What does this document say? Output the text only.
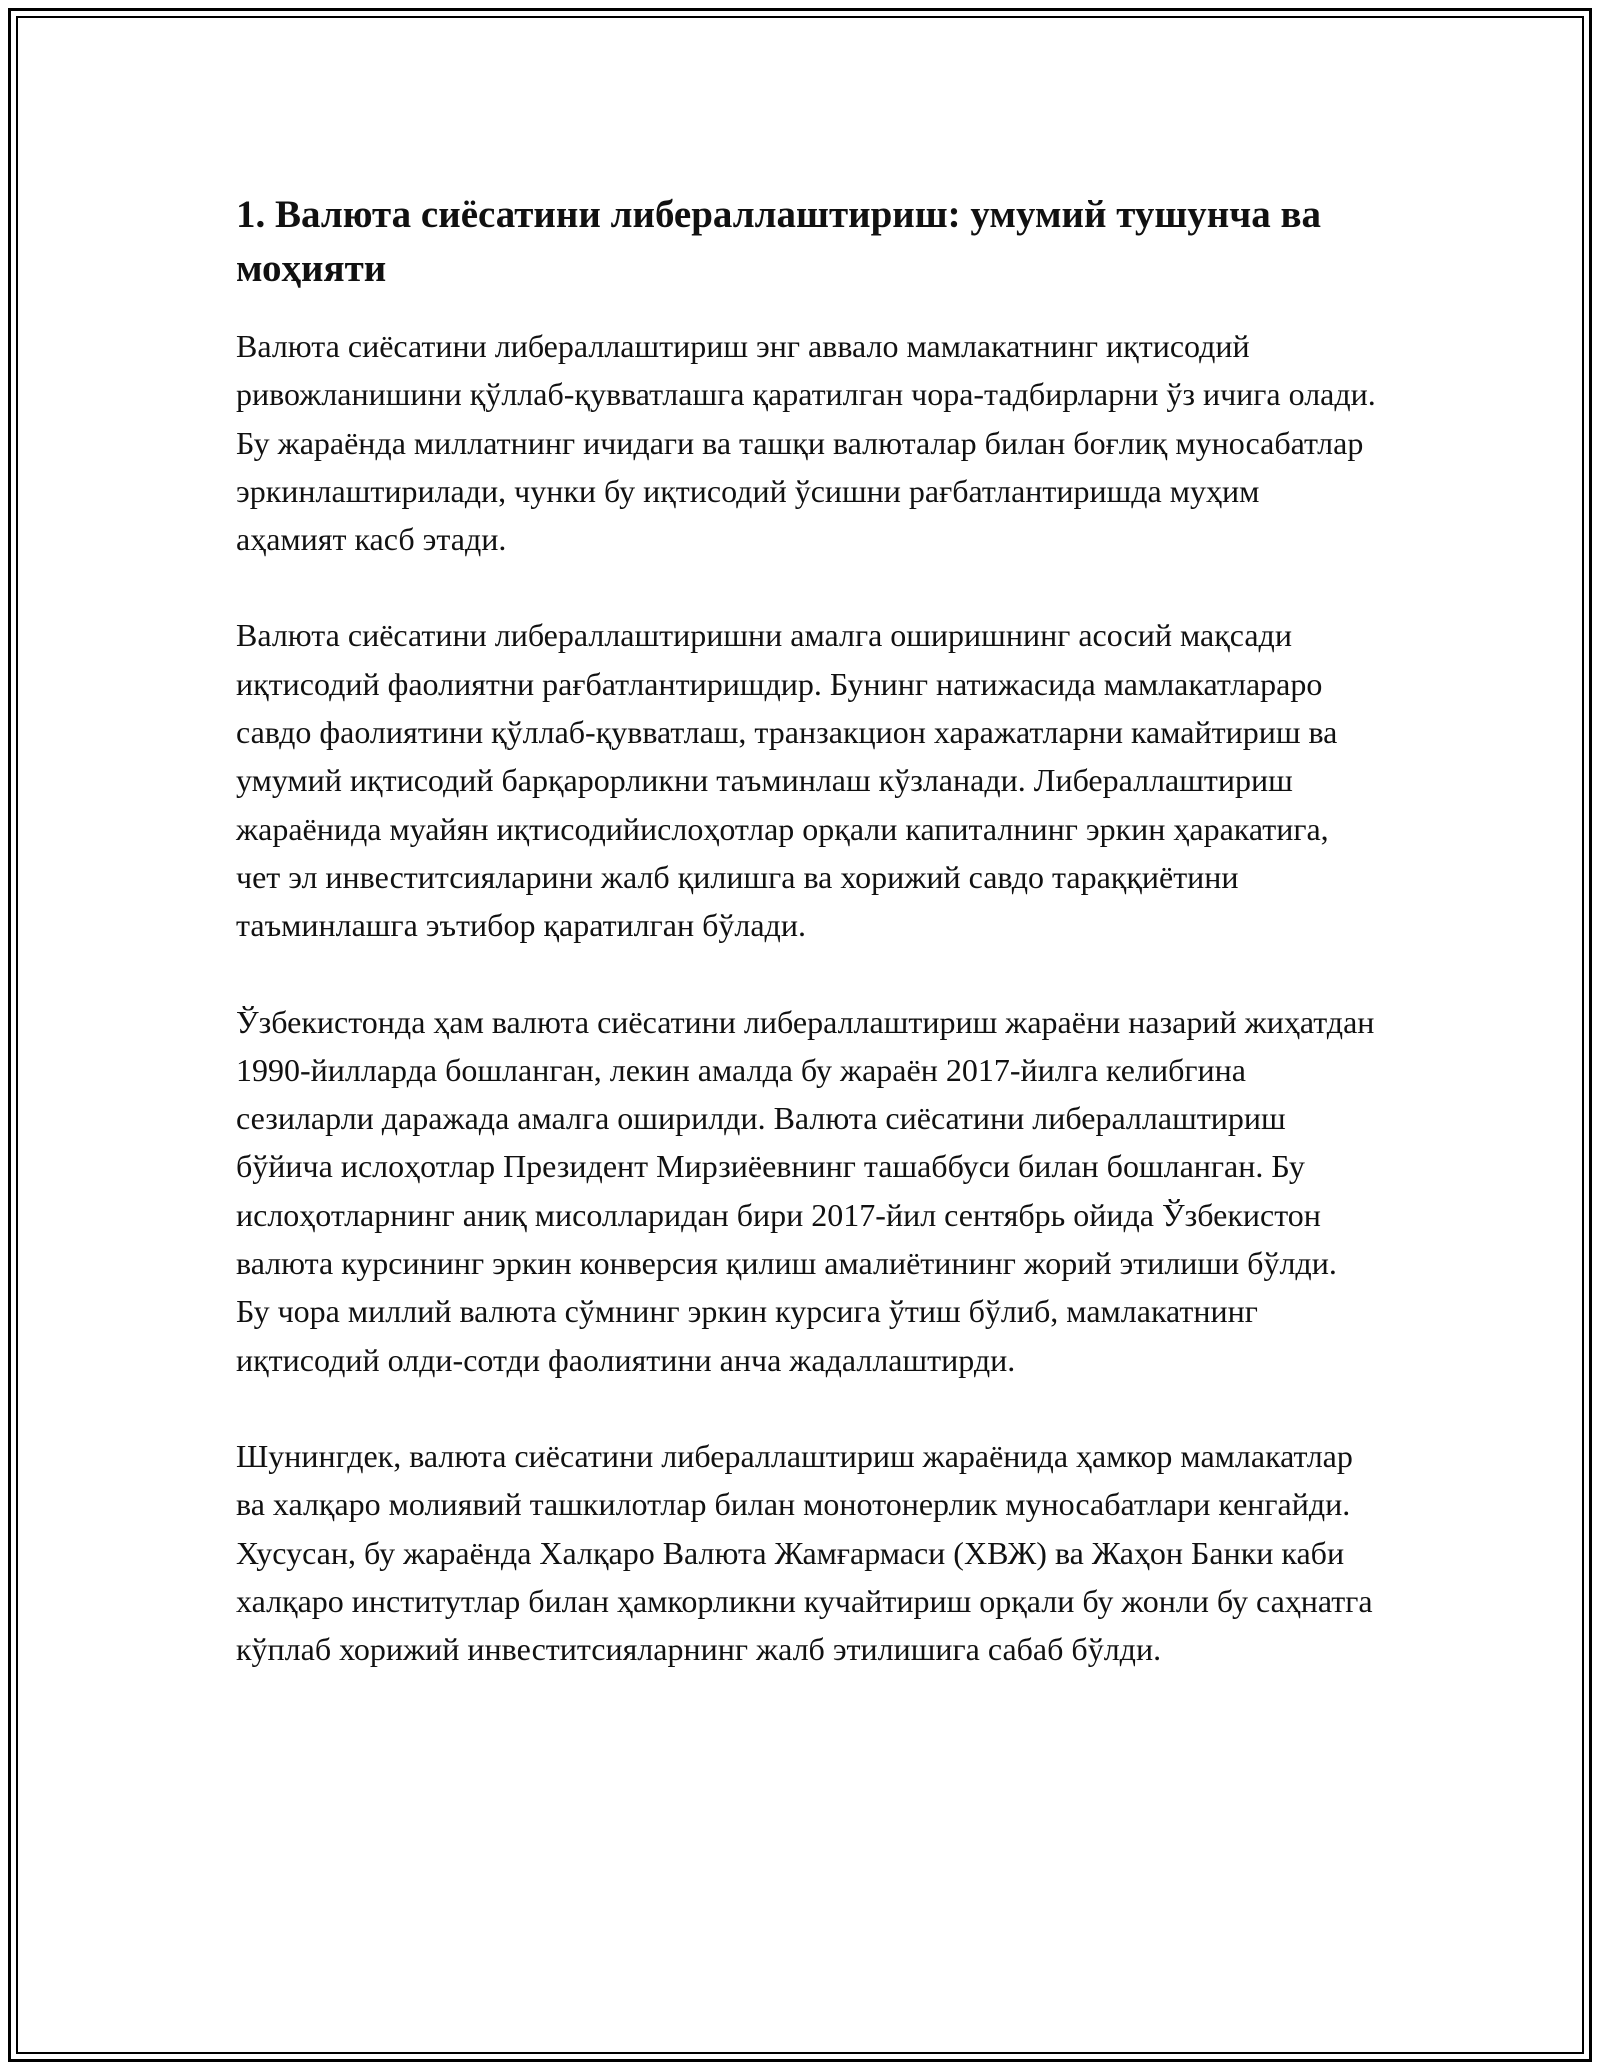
1. Валюта сиёсатини либераллаштириш: умумий тушунча ва моҳияти

Валюта сиёсатини либераллаштириш энг аввало мамлакатнинг иқтисодий ривожланишини қўллаб-қувватлашга қаратилган чора-тадбирларни ўз ичига олади. Бу жараёнда миллатнинг ичидаги ва ташқи валюталар билан боғлиқ муносабатлар эркинлаштирилади, чунки бу иқтисодий ўсишни рағбатлантиришда муҳим аҳамият касб этади.

Валюта сиёсатини либераллаштиришни амалга оширишнинг асосий мақсади иқтисодий фаолиятни рағбатлантиришдир. Бунинг натижасида мамлакатлараро савдо фаолиятини қўллаб-қувватлаш, транзакцион харажатларни камайтириш ва умумий иқтисодий барқарорликни таъминлаш кўзланади. Либераллаштириш жараёнида муайян иқтисодийислоҳотлар орқали капиталнинг эркин ҳаракатига, чет эл инвеститсияларини жалб қилишга ва хорижий савдо тараққиётини таъминлашга эътибор қаратилган бўлади.

Ўзбекистонда ҳам валюта сиёсатини либераллаштириш жараёни назарий жиҳатдан 1990-йилларда бошланган, лекин амалда бу жараён 2017-йилга келибгина сезиларли даражада амалга оширилди. Валюта сиёсатини либераллаштириш бўйича ислоҳотлар Президент Мирзиёевнинг ташаббуси билан бошланган. Бу ислоҳотларнинг аниқ мисолларидан бири 2017-йил сентябрь ойида Ўзбекистон валюта курсининг эркин конверсия қилиш амалиётининг жорий этилиши бўлди. Бу чора миллий валюта сўмнинг эркин курсига ўтиш бўлиб, мамлакатнинг иқтисодий олди-сотди фаолиятини анча жадаллаштирди.

Шунингдек, валюта сиёсатини либераллаштириш жараёнида ҳамкор мамлакатлар ва халқаро молиявий ташкилотлар билан монотонерлик муносабатлари кенгайди. Хусусан, бу жараёнда Халқаро Валюта Жамғармаси (ХВЖ) ва Жаҳон Банки каби халқаро институтлар билан ҳамкорликни кучайтириш орқали бу жонли бу саҳнатга кўплаб хорижий инвеститсияларнинг жалб этилишига сабаб бўлди.
